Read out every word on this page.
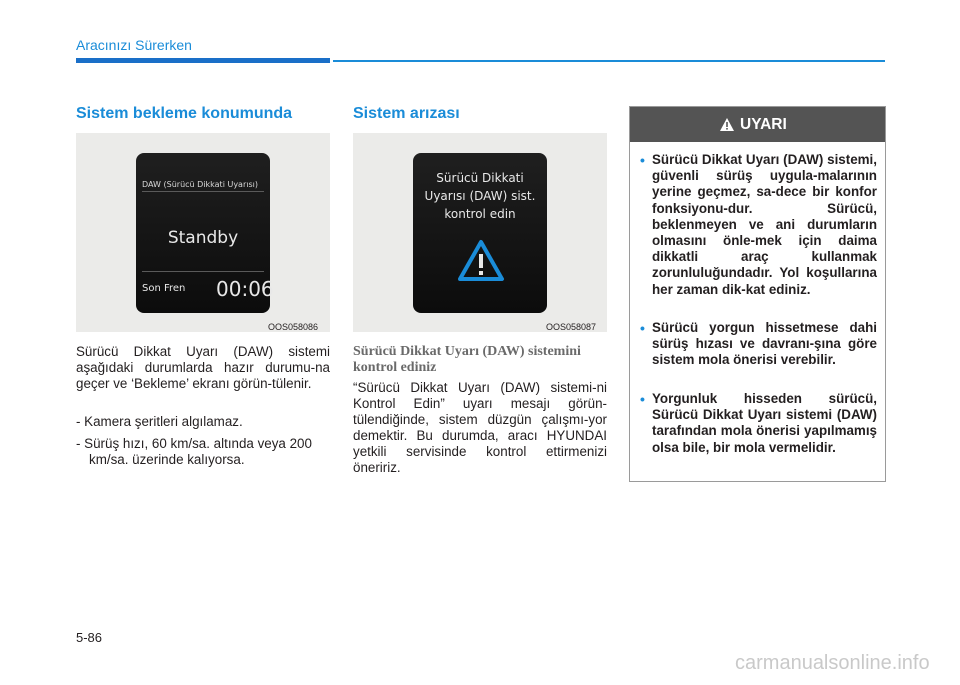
Aracınızı Sürerken
Sistem bekleme konumunda
DAW (Sürücü Dikkati Uyarısı)
Standby
Son Fren 00:06
OOS058086
Sürücü Dikkat Uyarı (DAW) sistemi aşağıdaki durumlarda hazır durumu-na geçer ve ‘Bekleme’ ekranı görün-tülenir.
- Kamera şeritleri algılamaz.
- Sürüş hızı, 60 km/sa. altında veya 200 km/sa. üzerinde kalıyorsa.
Sistem arızası
Sürücü Dikkati
Uyarısı (DAW) sist.
kontrol edin
OOS058087
Sürücü Dikkat Uyarı (DAW) sistemini kontrol ediniz
“Sürücü Dikkat Uyarı (DAW) sistemi-ni Kontrol Edin” uyarı mesajı görün-tülendiğinde, sistem düzgün çalışmı-yor demektir. Bu durumda, aracı HYUNDAI yetkili servisinde kontrol ettirmenizi öneririz.
UYARI
• Sürücü Dikkat Uyarı (DAW) sistemi, güvenli sürüş uygula-malarının yerine geçmez, sa-dece bir konfor fonksiyonu-dur. Sürücü, beklenmeyen ve ani durumların olmasını önle-mek için daima dikkatli araç kullanmak zorunluluğundadır. Yol koşullarına her zaman dik-kat ediniz.
• Sürücü yorgun hissetmese dahi sürüş hızası ve davranı-şına göre sistem mola önerisi verebilir.
• Yorgunluk hisseden sürücü, Sürücü Dikkat Uyarı sistemi (DAW) tarafından mola önerisi yapılmamış olsa bile, bir mola vermelidir.
5-86
carmanualsonline.info
